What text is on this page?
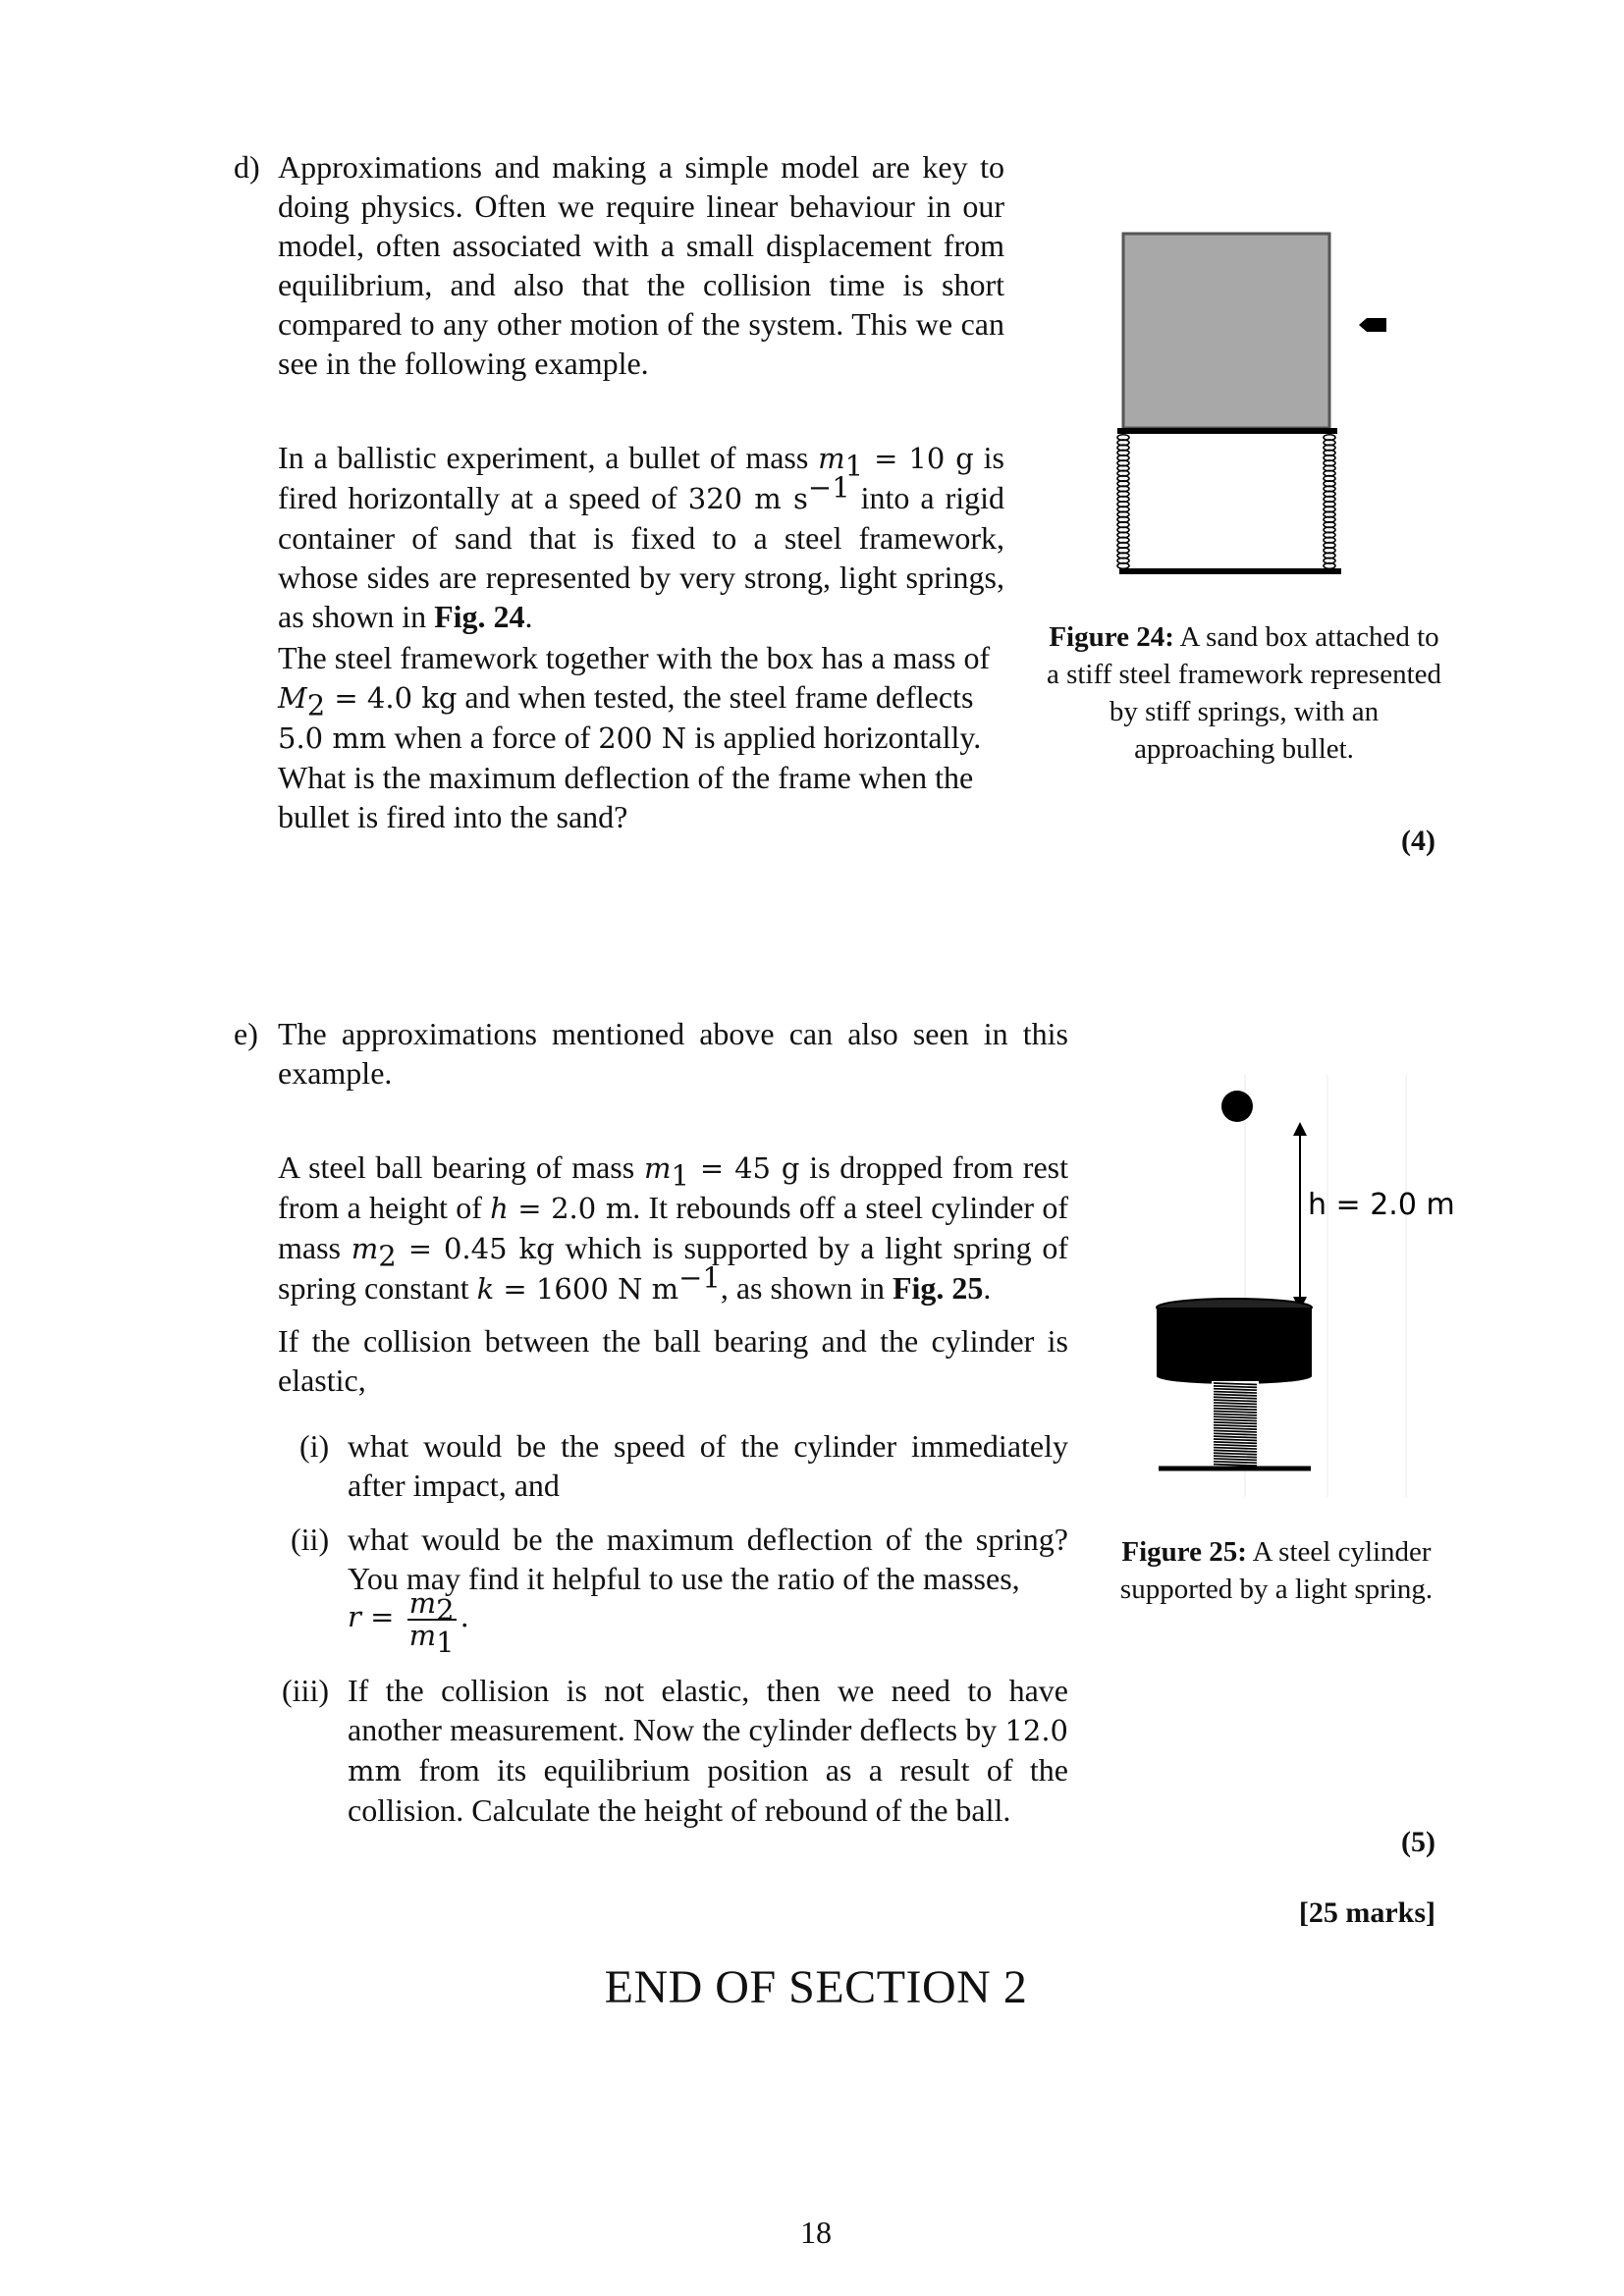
d) Approximations and making a simple model are key to doing physics. Often we require linear behaviour in our model, often associated with a small displacement from equilibrium, and also that the collision time is short compared to any other motion of the system. This we can see in the following example.
In a ballistic experiment, a bullet of mass $m_1 = 10$ g is fired horizontally at a speed of 320 m $s^{-1}$ into a rigid container of sand that is fixed to a steel framework, whose sides are represented by very strong, light springs, as shown in Fig. 24.
The steel framework together with the box has a mass of $M_2 = 4.0$ kg and when tested, the steel frame deflects 5.0 mm when a force of 200 N is applied horizontally. What is the maximum deflection of the frame when the bullet is fired into the sand?
Figure 24: A sand box attached to a stiff steel framework represented by stiff springs, with an approaching bullet.
(4)
e) The approximations mentioned above can also seen in this example.
A steel ball bearing of mass $m_1 = 45$ g is dropped from rest from a height of h = 2.0 m. It rebounds off a steel cylinder of mass $m_2 = 0.45$ kg which is supported by a light spring of spring constant k = 1600 N $m^{-1}$, as shown in Fig. 25.
If the collision between the ball bearing and the cylinder is elastic,
(i) what would be the speed of the cylinder immediately after impact, and
(ii) what would be the maximum deflection of the spring? You may find it helpful to use the ratio of the masses,
$r = \frac{m_2}{m_1}$ .
(iii) If the collision is not elastic, then we need to have another measurement. Now the cylinder deflects by 12.0 mm from its equilibrium position as a result of the collision. Calculate the height of rebound of the ball.
h = 2.0 m
Figure 25: A steel cylinder supported by a light spring.
(5)
[25 marks]
END OF SECTION 2
18
